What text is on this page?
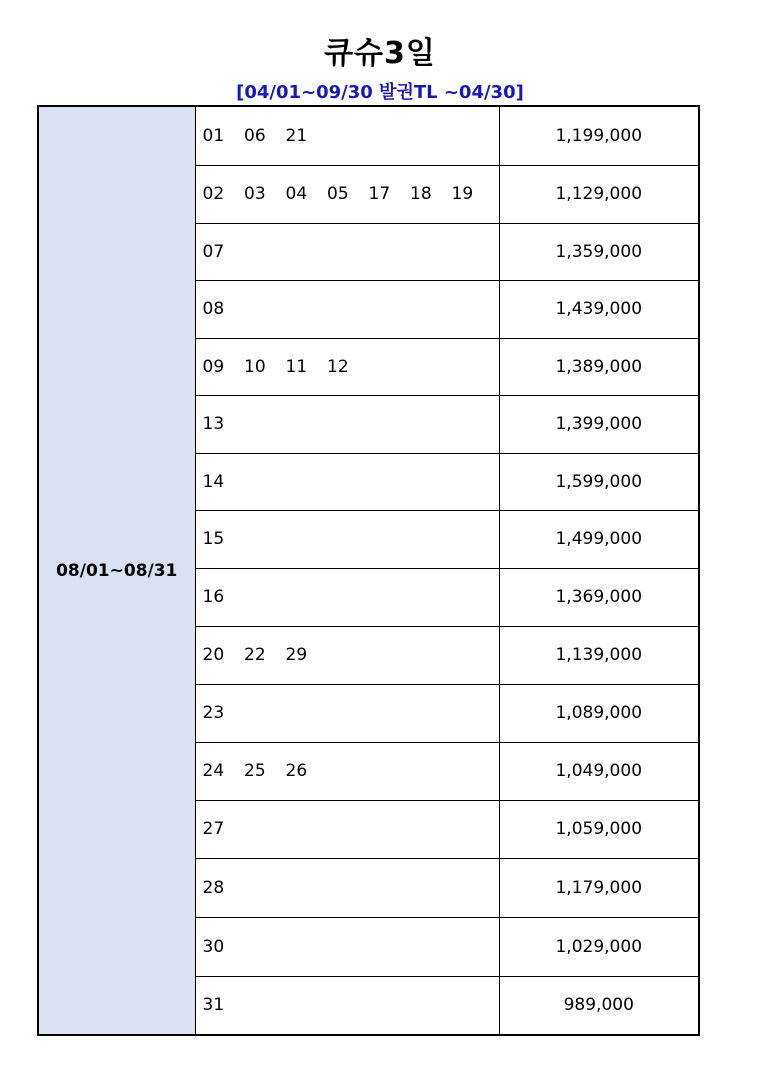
큐슈3일
[04/01~09/30 발권TL ~04/30]
08/01~08/31	01 06 21	1,199,000
	02 03 04 05 17 18 19	1,129,000
	07	1,359,000
	08	1,439,000
	09 10 11 12	1,389,000
	13	1,399,000
	14	1,599,000
	15	1,499,000
	16	1,369,000
	20 22 29	1,139,000
	23	1,089,000
	24 25 26	1,049,000
	27	1,059,000
	28	1,179,000
	30	1,029,000
	31	989,000
